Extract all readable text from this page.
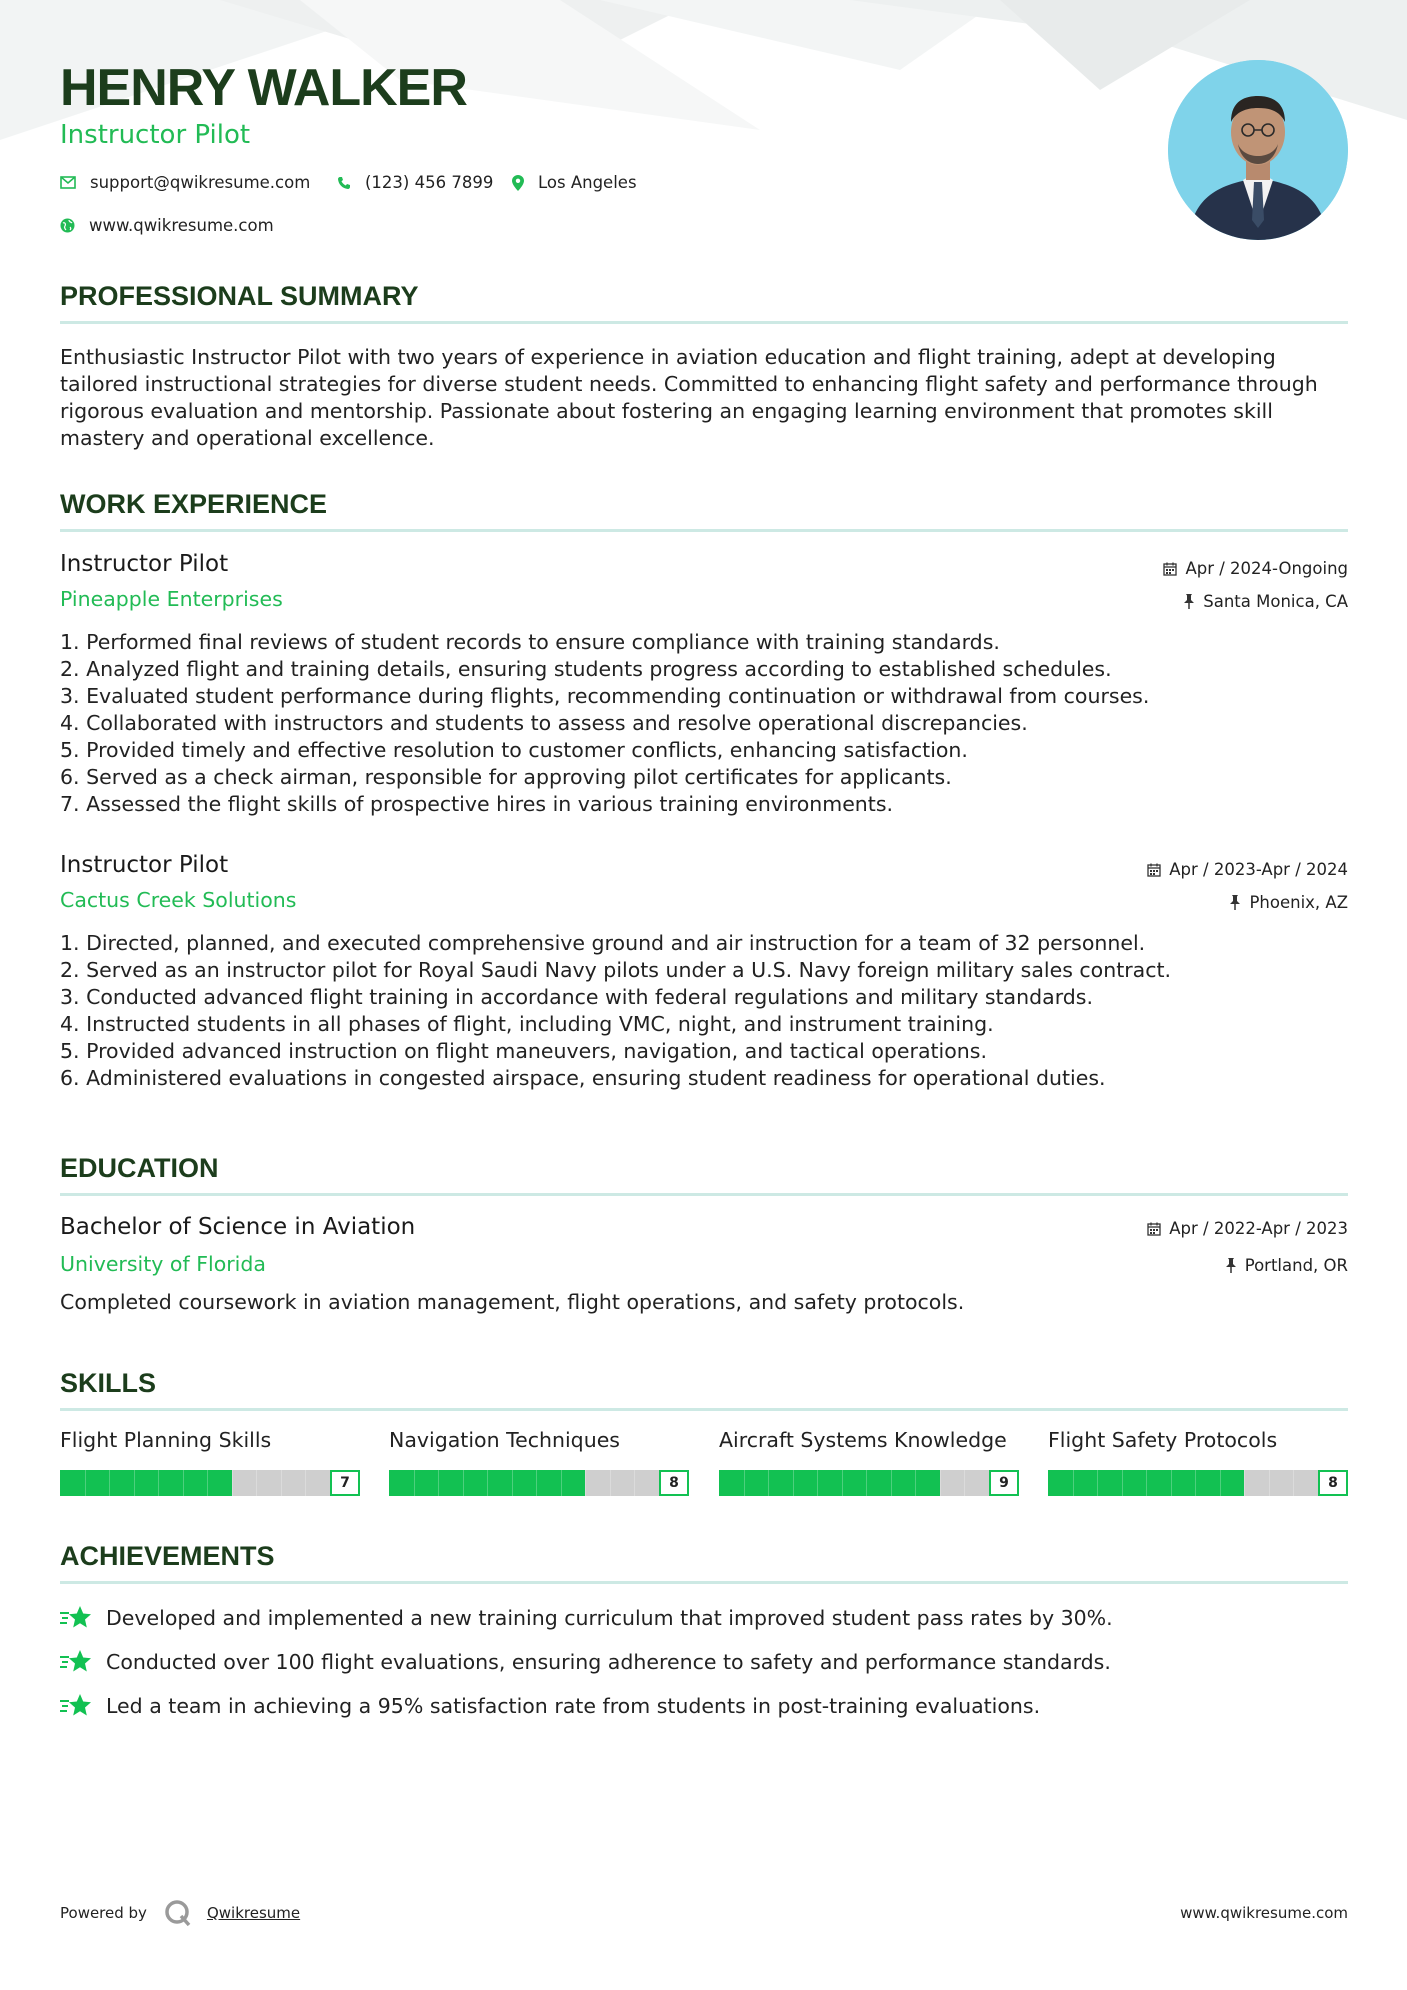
HENRY WALKER
Instructor Pilot
support@qwikresume.com	(123) 456 7899	Los Angeles
www.qwikresume.com
PROFESSIONAL SUMMARY
Enthusiastic Instructor Pilot with two years of experience in aviation education and flight training, adept at developing tailored instructional strategies for diverse student needs. Committed to enhancing flight safety and performance through rigorous evaluation and mentorship. Passionate about fostering an engaging learning environment that promotes skill mastery and operational excellence.
WORK EXPERIENCE
Instructor Pilot	Apr / 2024-Ongoing
Pineapple Enterprises	Santa Monica, CA
1. Performed final reviews of student records to ensure compliance with training standards.
2. Analyzed flight and training details, ensuring students progress according to established schedules.
3. Evaluated student performance during flights, recommending continuation or withdrawal from courses.
4. Collaborated with instructors and students to assess and resolve operational discrepancies.
5. Provided timely and effective resolution to customer conflicts, enhancing satisfaction.
6. Served as a check airman, responsible for approving pilot certificates for applicants.
7. Assessed the flight skills of prospective hires in various training environments.
Instructor Pilot	Apr / 2023-Apr / 2024
Cactus Creek Solutions	Phoenix, AZ
1. Directed, planned, and executed comprehensive ground and air instruction for a team of 32 personnel.
2. Served as an instructor pilot for Royal Saudi Navy pilots under a U.S. Navy foreign military sales contract.
3. Conducted advanced flight training in accordance with federal regulations and military standards.
4. Instructed students in all phases of flight, including VMC, night, and instrument training.
5. Provided advanced instruction on flight maneuvers, navigation, and tactical operations.
6. Administered evaluations in congested airspace, ensuring student readiness for operational duties.
EDUCATION
Bachelor of Science in Aviation	Apr / 2022-Apr / 2023
University of Florida	Portland, OR
Completed coursework in aviation management, flight operations, and safety protocols.
SKILLS
Flight Planning Skills
7
Navigation Techniques
8
Aircraft Systems Knowledge
9
Flight Safety Protocols
8
ACHIEVEMENTS
Developed and implemented a new training curriculum that improved student pass rates by 30%.
Conducted over 100 flight evaluations, ensuring adherence to safety and performance standards.
Led a team in achieving a 95% satisfaction rate from students in post-training evaluations.
Powered by	Qwikresume	www.qwikresume.com
